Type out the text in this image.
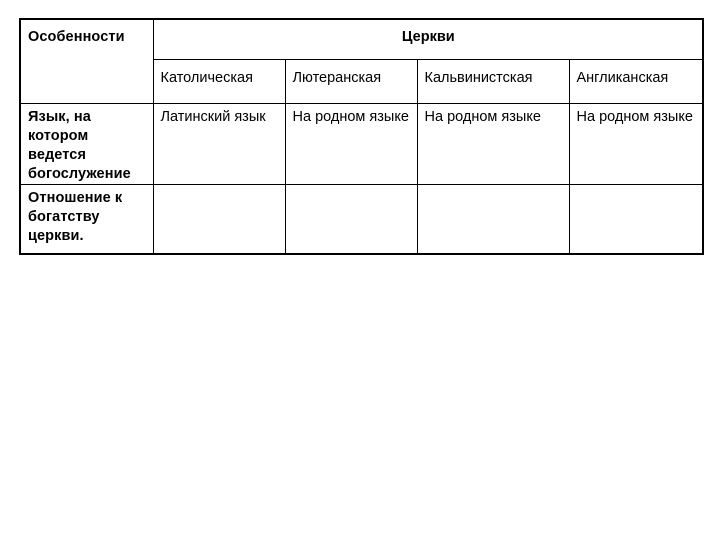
Особенности	Церкви			
	Католическая	Лютеранская	Кальвинистская	Англиканская
Язык, на котором ведется богослужение	Латинский язык	На родном языке	На родном языке	На родном языке
Отношение к богатству церкви.				
